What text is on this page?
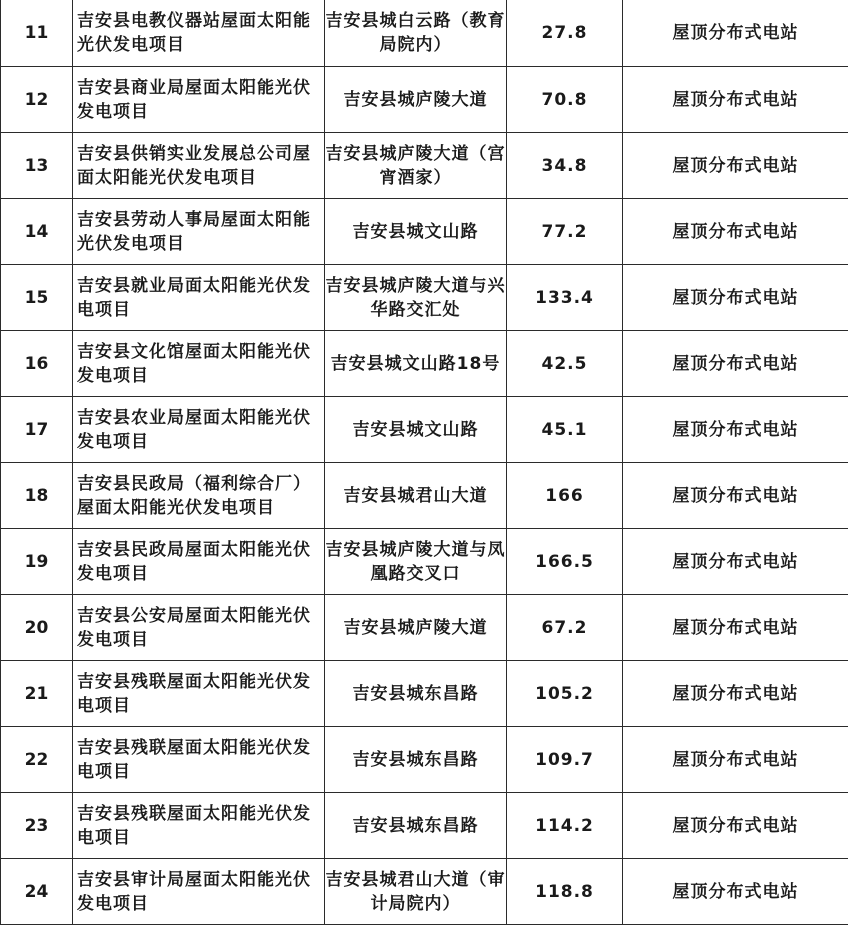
11	吉安县电教仪器站屋面太阳能光伏发电项目	吉安县城白云路（教育局院内）	27.8	屋顶分布式电站
12	吉安县商业局屋面太阳能光伏发电项目	吉安县城庐陵大道	70.8	屋顶分布式电站
13	吉安县供销实业发展总公司屋面太阳能光伏发电项目	吉安县城庐陵大道（宫宵酒家）	34.8	屋顶分布式电站
14	吉安县劳动人事局屋面太阳能光伏发电项目	吉安县城文山路	77.2	屋顶分布式电站
15	吉安县就业局面太阳能光伏发电项目	吉安县城庐陵大道与兴华路交汇处	133.4	屋顶分布式电站
16	吉安县文化馆屋面太阳能光伏发电项目	吉安县城文山路18号	42.5	屋顶分布式电站
17	吉安县农业局屋面太阳能光伏发电项目	吉安县城文山路	45.1	屋顶分布式电站
18	吉安县民政局（福利综合厂）屋面太阳能光伏发电项目	吉安县城君山大道	166	屋顶分布式电站
19	吉安县民政局屋面太阳能光伏发电项目	吉安县城庐陵大道与凤凰路交叉口	166.5	屋顶分布式电站
20	吉安县公安局屋面太阳能光伏发电项目	吉安县城庐陵大道	67.2	屋顶分布式电站
21	吉安县残联屋面太阳能光伏发电项目	吉安县城东昌路	105.2	屋顶分布式电站
22	吉安县残联屋面太阳能光伏发电项目	吉安县城东昌路	109.7	屋顶分布式电站
23	吉安县残联屋面太阳能光伏发电项目	吉安县城东昌路	114.2	屋顶分布式电站
24	吉安县审计局屋面太阳能光伏发电项目	吉安县城君山大道（审计局院内）	118.8	屋顶分布式电站
